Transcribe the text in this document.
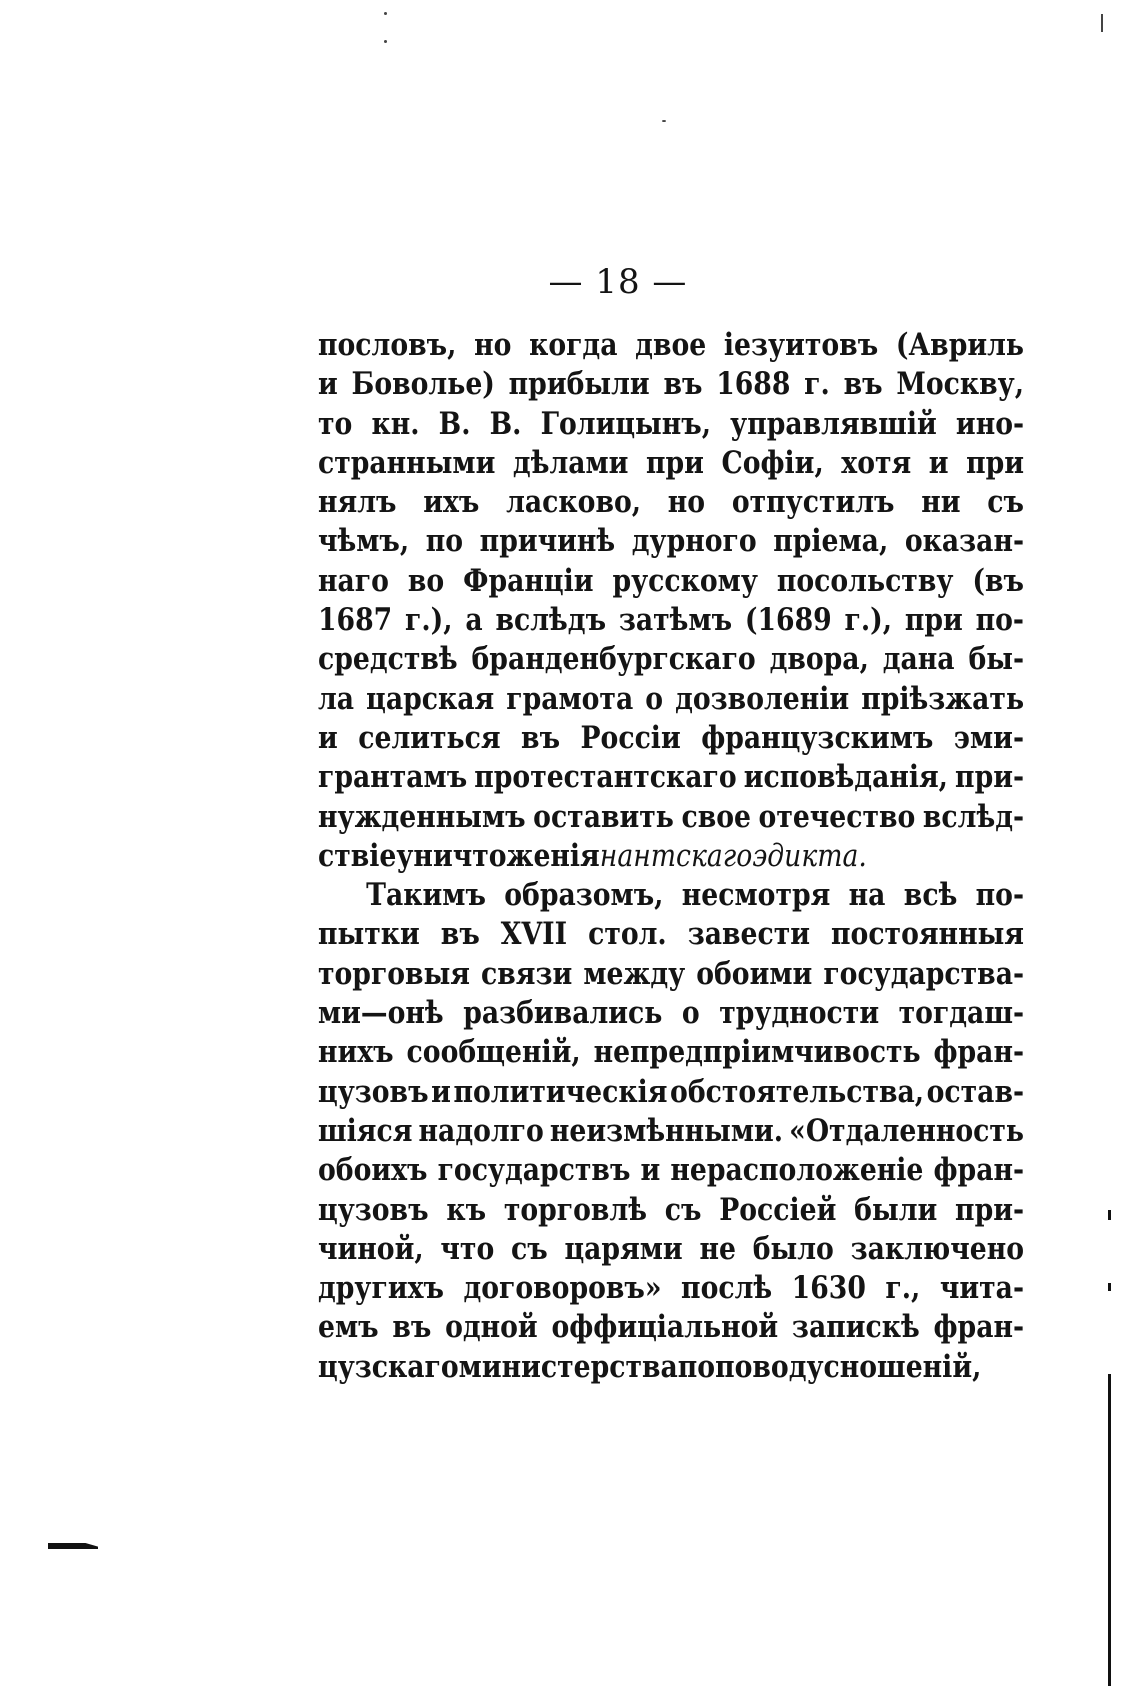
— 18 —
пословъ, но когда двое iезуитовъ (Авриль
и Боволье) прибыли въ 1688 г. въ Москву,
то кн. В. В. Голицынъ, управлявшiй ино-
странными дѣлами при Софiи, хотя и при
нялъ ихъ ласково, но отпустилъ ни съ
чѣмъ, по причинѣ дурного прiема, оказан-
наго во Францiи русскому посольству (въ
1687 г.), а вслѣдъ затѣмъ (1689 г.), при по-
средствѣ бранденбургскаго двора, дана бы-
ла царская грамота о дозволенiи прiѣзжать
и селиться въ Россiи французскимъ эми-
грантамъ протестантскаго исповѣданiя, при-
нужденнымъ оставить свое отечество вслѣд-
ствiе уничтоженiя нантскаго эдикта.
Такимъ образомъ, несмотря на всѣ по-
пытки въ XVII стол. завести постоянныя
торговыя связи между обоими государства-
ми—онѣ разбивались о трудности тогдаш-
нихъ сообщенiй, непредпрiимчивость фран-
цузовъ и политическiя обстоятельства, остав-
шiяся надолго неизмѣнными. «Отдаленность
обоихъ государствъ и нерасположенiе фран-
цузовъ къ торговлѣ съ Россiей были при-
чиной, что съ царями не было заключено
другихъ договоровъ» послѣ 1630 г., чита-
емъ въ одной оффицiальной запискѣ фран-
цузскаго министерства по поводу сношенiй,
